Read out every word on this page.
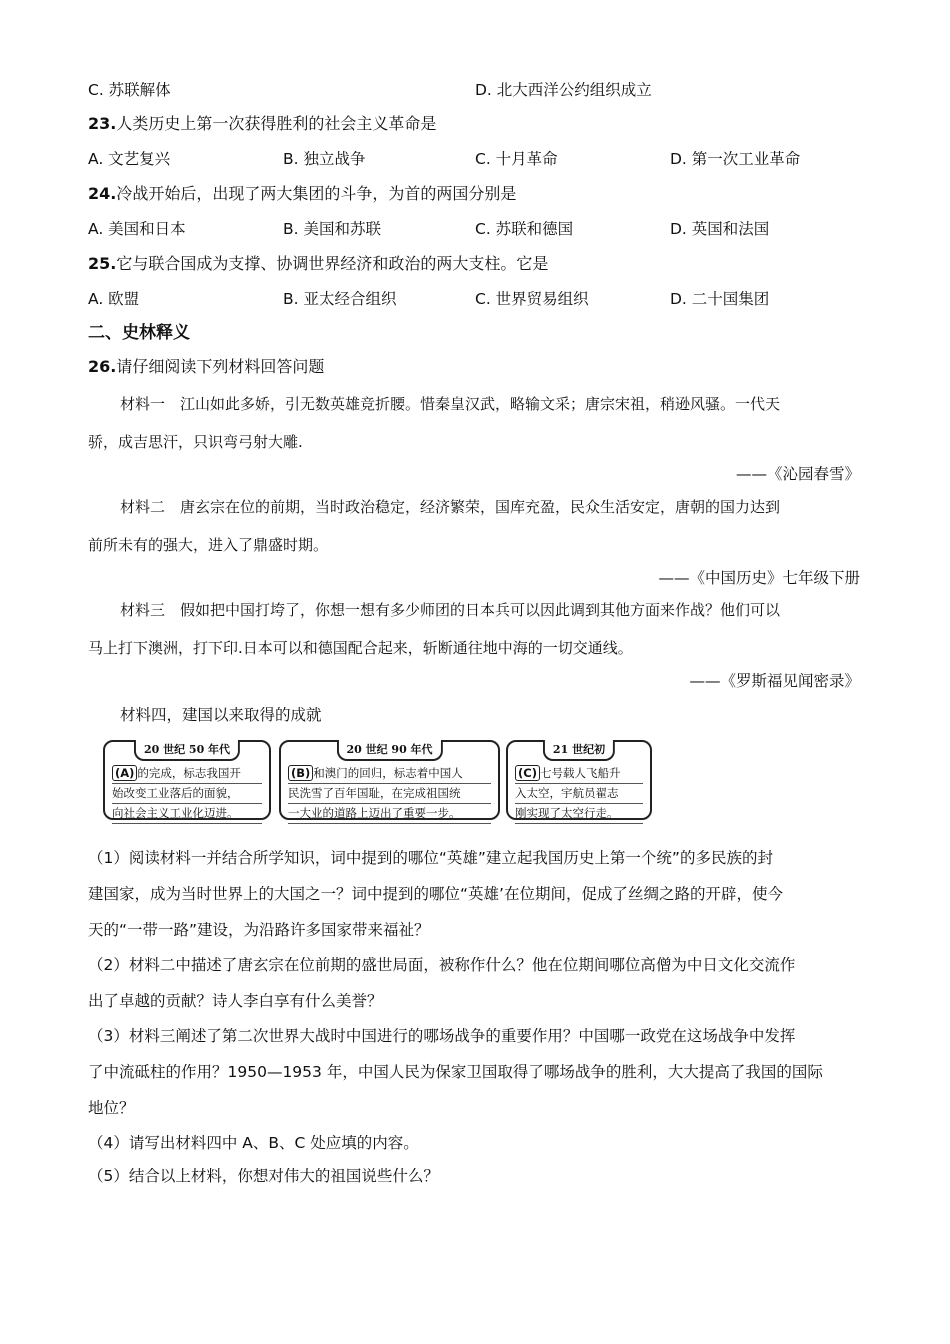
C. 苏联解体	D. 北大西洋公约组织成立
23.人类历史上第一次获得胜利的社会主义革命是
A. 文艺复兴	B. 独立战争	C. 十月革命	D. 第一次工业革命
24.冷战开始后，出现了两大集团的斗争，为首的两国分别是
A. 美国和日本	B. 美国和苏联	C. 苏联和德国	D. 英国和法国
25.它与联合国成为支撑、协调世界经济和政治的两大支柱。它是
A. 欧盟	B. 亚太经合组织	C. 世界贸易组织	D. 二十国集团
二、史林释义
26.请仔细阅读下列材料回答问题
材料一　江山如此多娇，引无数英雄竞折腰。惜秦皇汉武，略输文采；唐宗宋祖，稍逊风骚。一代天
骄，成吉思汗，只识弯弓射大雕.
——《沁园春雪》
材料二　唐玄宗在位的前期，当时政治稳定，经济繁荣，国库充盈，民众生活安定，唐朝的国力达到
前所未有的强大，进入了鼎盛时期。
——《中国历史》七年级下册
材料三　假如把中国打垮了，你想一想有多少师团的日本兵可以因此调到其他方面来作战？他们可以
马上打下澳洲，打下印.日本可以和德国配合起来，斩断通往地中海的一切交通线。
——《罗斯福见闻密录》
材料四，建国以来取得的成就
20 世纪 50 年代
(A) 的完成，标志我国开
始改变工业落后的面貌，
向社会主义工业化迈进。
20 世纪 90 年代
(B) 和澳门的回归，标志着中国人
民洗雪了百年国耻，在完成祖国统
一大业的道路上迈出了重要一步。
21 世纪初
(C) 七号载人飞船升
入太空，宇航员翟志
刚实现了太空行走。
（1）阅读材料一并结合所学知识，词中提到的哪位“英雄”建立起我国历史上第一个统”的多民族的封
建国家，成为当时世界上的大国之一？词中提到的哪位“英雄’在位期间，促成了丝绸之路的开辟，使今
天的“一带一路”建设，为沿路许多国家带来福祉？
（2）材料二中描述了唐玄宗在位前期的盛世局面，被称作什么？他在位期间哪位高僧为中日文化交流作
出了卓越的贡献？诗人李白享有什么美誉？
（3）材料三阐述了第二次世界大战时中国进行的哪场战争的重要作用？中国哪一政党在这场战争中发挥
了中流砥柱的作用？1950—1953 年，中国人民为保家卫国取得了哪场战争的胜利，大大提高了我国的国际
地位？
（4）请写出材料四中 A、B、C 处应填的内容。
（5）结合以上材料，你想对伟大的祖国说些什么？
